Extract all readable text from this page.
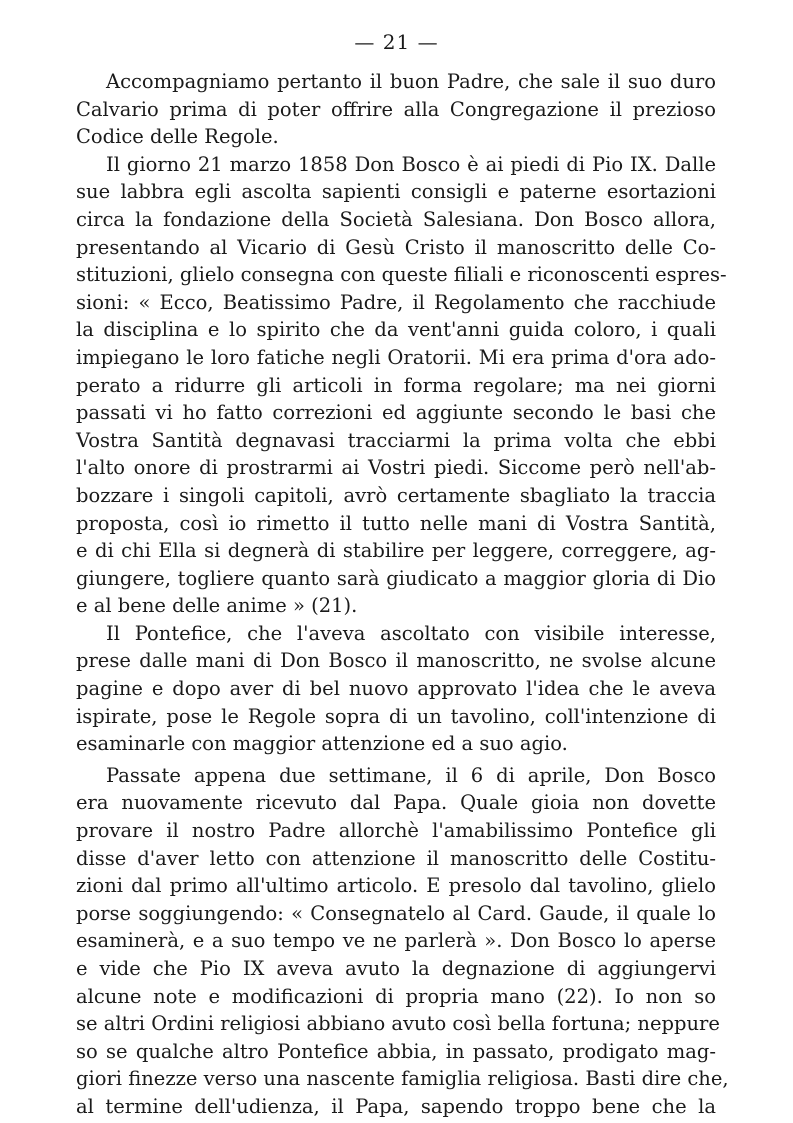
— 21 —
Accompagniamo pertanto il buon Padre, che sale il suo duro
Calvario prima di poter offrire alla Congregazione il prezioso
Codice delle Regole.
Il giorno 21 marzo 1858 Don Bosco è ai piedi di Pio IX. Dalle
sue labbra egli ascolta sapienti consigli e paterne esortazioni
circa la fondazione della Società Salesiana. Don Bosco allora,
presentando al Vicario di Gesù Cristo il manoscritto delle Co-
stituzioni, glielo consegna con queste filiali e riconoscenti espres-
sioni: « Ecco, Beatissimo Padre, il Regolamento che racchiude
la disciplina e lo spirito che da vent'anni guida coloro, i quali
impiegano le loro fatiche negli Oratorii. Mi era prima d'ora ado-
perato a ridurre gli articoli in forma regolare; ma nei giorni
passati vi ho fatto correzioni ed aggiunte secondo le basi che
Vostra Santità degnavasi tracciarmi la prima volta che ebbi
l'alto onore di prostrarmi ai Vostri piedi. Siccome però nell'ab-
bozzare i singoli capitoli, avrò certamente sbagliato la traccia
proposta, così io rimetto il tutto nelle mani di Vostra Santità,
e di chi Ella si degnerà di stabilire per leggere, correggere, ag-
giungere, togliere quanto sarà giudicato a maggior gloria di Dio
e al bene delle anime » (21).
Il Pontefice, che l'aveva ascoltato con visibile interesse,
prese dalle mani di Don Bosco il manoscritto, ne svolse alcune
pagine e dopo aver di bel nuovo approvato l'idea che le aveva
ispirate, pose le Regole sopra di un tavolino, coll'intenzione di
esaminarle con maggior attenzione ed a suo agio.
Passate appena due settimane, il 6 di aprile, Don Bosco
era nuovamente ricevuto dal Papa. Quale gioia non dovette
provare il nostro Padre allorchè l'amabilissimo Pontefice gli
disse d'aver letto con attenzione il manoscritto delle Costitu-
zioni dal primo all'ultimo articolo. E presolo dal tavolino, glielo
porse soggiungendo: « Consegnatelo al Card. Gaude, il quale lo
esaminerà, e a suo tempo ve ne parlerà ». Don Bosco lo aperse
e vide che Pio IX aveva avuto la degnazione di aggiungervi
alcune note e modificazioni di propria mano (22). Io non so
se altri Ordini religiosi abbiano avuto così bella fortuna; neppure
so se qualche altro Pontefice abbia, in passato, prodigato mag-
giori finezze verso una nascente famiglia religiosa. Basti dire che,
al termine dell'udienza, il Papa, sapendo troppo bene che la
